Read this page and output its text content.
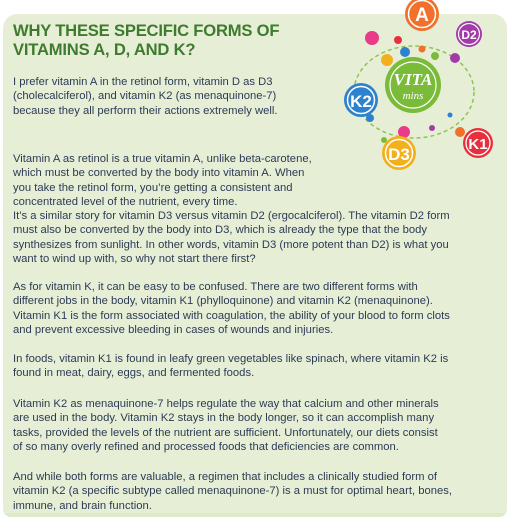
WHY THESE SPECIFIC FORMS OF
VITAMINS A, D, AND K?

I prefer vitamin A in the retinol form, vitamin D as D3
(cholecalciferol), and vitamin K2 (as menaquinone-7)
because they all perform their actions extremely well.

Vitamin A as retinol is a true vitamin A, unlike beta-carotene,
which must be converted by the body into vitamin A. When
you take the retinol form, you’re getting a consistent and
concentrated level of the nutrient, every time.

It’s a similar story for vitamin D3 versus vitamin D2 (ergocalciferol). The vitamin D2 form
must also be converted by the body into D3, which is already the type that the body
synthesizes from sunlight. In other words, vitamin D3 (more potent than D2) is what you
want to wind up with, so why not start there first?

As for vitamin K, it can be easy to be confused. There are two different forms with
different jobs in the body, vitamin K1 (phylloquinone) and vitamin K2 (menaquinone).
Vitamin K1 is the form associated with coagulation, the ability of your blood to form clots
and prevent excessive bleeding in cases of wounds and injuries.

In foods, vitamin K1 is found in leafy green vegetables like spinach, where vitamin K2 is
found in meat, dairy, eggs, and fermented foods.

Vitamin K2 as menaquinone-7 helps regulate the way that calcium and other minerals
are used in the body. Vitamin K2 stays in the body longer, so it can accomplish many
tasks, provided the levels of the nutrient are sufficient. Unfortunately, our diets consist
of so many overly refined and processed foods that deficiencies are common.

And while both forms are valuable, a regimen that includes a clinically studied form of
vitamin K2 (a specific subtype called menaquinone-7) is a must for optimal heart, bones,
immune, and brain function.

VITA
mins
A
D2
K2
D3
K1
